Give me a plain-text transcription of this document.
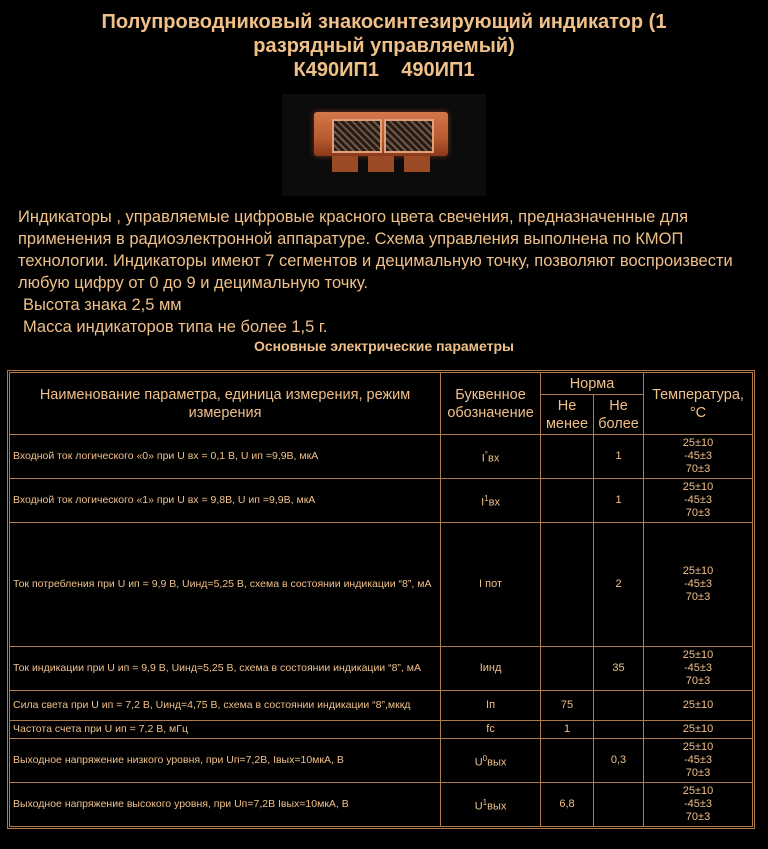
Полупроводниковый знакосинтезирующий индикатор (1
разрядный управляемый)
К490ИП1    490ИП1

Индикаторы , управляемые цифровые красного цвета свечения, предназначенные для применения в радиоэлектронной аппаратуре. Схема управления выполнена по КМОП технологии. Индикаторы имеют 7 сегментов и децимальную точку, позволяют воспроизвести любую цифру от 0 до 9 и децимальную точку.

Высота знака 2,5 мм

Масса индикаторов типа не более 1,5 г.

Основные электрические параметры
Наименование параметра, единица измерения, режим измерения	Буквенное обозначение	Норма		Температура, °С
		Не менее	Не более	
Входной ток логического «0» при U вх = 0,1 В, U ип =9,9В, мкА	I°вх		1	25±10
-45±3
70±3

Входной ток логического «1» при U вх = 9,8В, U ип =9,9В, мкА	$I^1вх$		1	25±10
-45±3
70±3

Ток потребления при U ип = 9,9 В, Uинд=5,25 В, схема в состоянии индикации “8”, мА	I пот		2	25±10
-45±3
70±3

Ток индикации при U ип = 9,9 В, Uинд=5,25 В, схема в состоянии индикации “8”, мА	Iинд		35	25±10
-45±3
70±3

Сила света при U ип = 7,2 В, Uинд=4,75 В, схема в состоянии индикации “8”,мккд	Iп	75		25±10

Частота счета при U ип = 7,2 В, мГц	fc	1		25±10

Выходное напряжение низкого уровня, при Uп=7,2В, Iвых=10мкА, В	$U^0вых$		0,3	25±10
-45±3
70±3

Выходное напряжение высокого уровня, при Uп=7,2В Iвых=10мкА, В	$U^1вых$	6,8		25±10
-45±3
70±3
